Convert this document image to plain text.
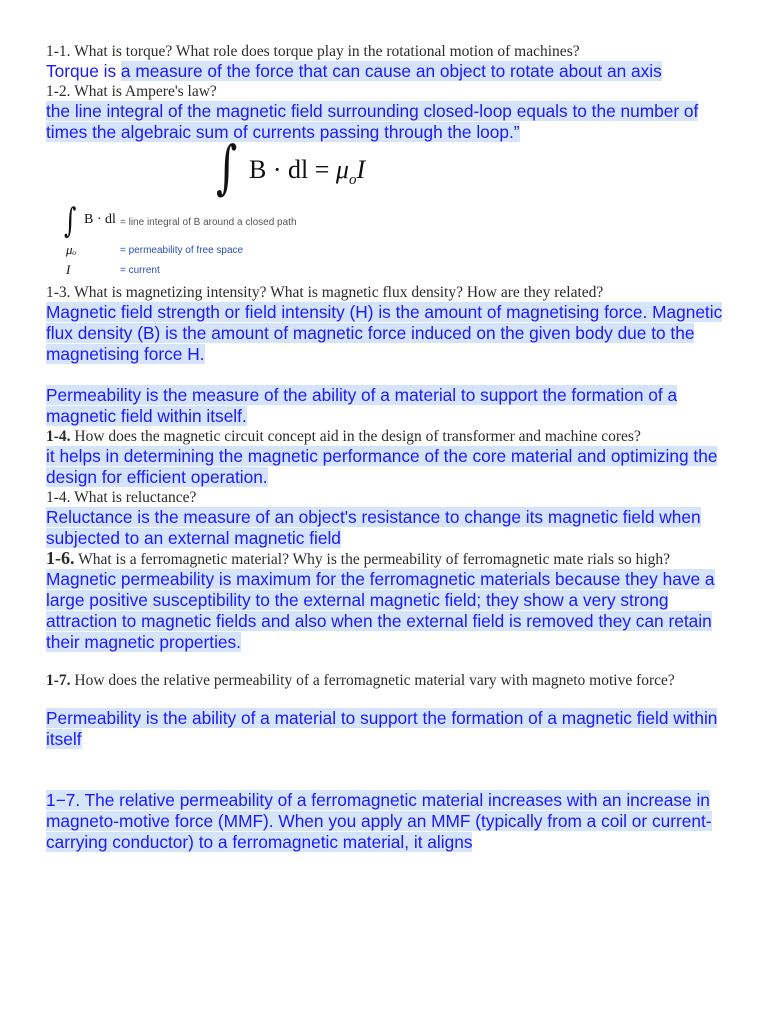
1-1. What is torque? What role does torque play in the rotational motion of machines?
Torque is a measure of the force that can cause an object to rotate about an axis
1-2. What is Ampere's law?
the line integral of the magnetic field surrounding closed-loop equals to the number of times the algebraic sum of currents passing through the loop.”
∫ B · dl = $\mu_oI$
∫ B · dl = line integral of B around a closed path
μₒ	= permeability of free space
I	= current
1-3. What is magnetizing intensity? What is magnetic flux density? How are they related?
Magnetic field strength or field intensity (H) is the amount of magnetising force. Magnetic flux density (B) is the amount of magnetic force induced on the given body due to the magnetising force H.
Permeability is the measure of the ability of a material to support the formation of a magnetic field within itself.
1-4. How does the magnetic circuit concept aid in the design of transformer and machine cores?
it helps in determining the magnetic performance of the core material and optimizing the design for efficient operation.
1-4. What is reluctance?
Reluctance is the measure of an object's resistance to change its magnetic field when subjected to an external magnetic field
1-6. What is a ferromagnetic material? Why is the permeability of ferromagnetic mate rials so high?
Magnetic permeability is maximum for the ferromagnetic materials because they have a large positive susceptibility to the external magnetic field; they show a very strong attraction to magnetic fields and also when the external field is removed they can retain their magnetic properties.
1-7. How does the relative permeability of a ferromagnetic material vary with magneto motive force?
Permeability is the ability of a material to support the formation of a magnetic field within itself
1−7. The relative permeability of a ferromagnetic material increases with an increase in magneto-motive force (MMF). When you apply an MMF (typically from a coil or current-carrying conductor) to a ferromagnetic material, it aligns
